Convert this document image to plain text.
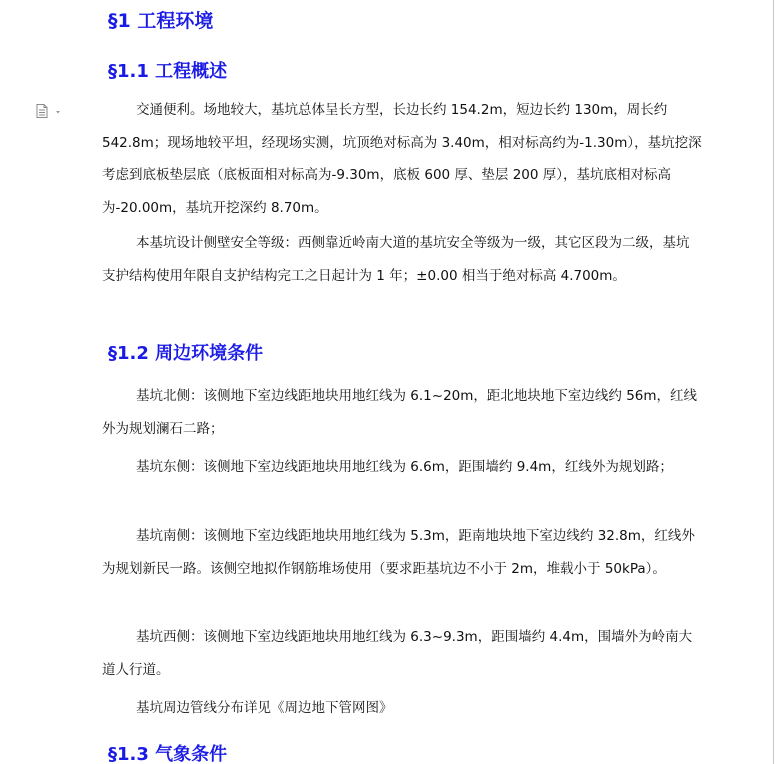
§1 工程环境
§1.1 工程概述

交通便利。场地较大，基坑总体呈长方型，长边长约 154.2m，短边长约 130m，周长约 542.8m；现场地较平坦，经现场实测，坑顶绝对标高为 3.40m，相对标高约为-1.30m），基坑挖深考虑到底板垫层底（底板面相对标高为-9.30m，底板 600 厚、垫层 200 厚），基坑底相对标高为-20.00m，基坑开挖深约 8.70m。

本基坑设计侧壁安全等级：西侧靠近岭南大道的基坑安全等级为一级，其它区段为二级，基坑支护结构使用年限自支护结构完工之日起计为 1 年；±0.00 相当于绝对标高 4.700m。

§1.2 周边环境条件

基坑北侧：该侧地下室边线距地块用地红线为 6.1~20m，距北地块地下室边线约 56m，红线外为规划澜石二路；

基坑东侧：该侧地下室边线距地块用地红线为 6.6m，距围墙约 9.4m，红线外为规划路；

基坑南侧：该侧地下室边线距地块用地红线为 5.3m，距南地块地下室边线约 32.8m，红线外为规划新民一路。该侧空地拟作钢筋堆场使用（要求距基坑边不小于 2m，堆载小于 50kPa）。

基坑西侧：该侧地下室边线距地块用地红线为 6.3~9.3m，距围墙约 4.4m，围墙外为岭南大道人行道。

基坑周边管线分布详见《周边地下管网图》

§1.3 气象条件
